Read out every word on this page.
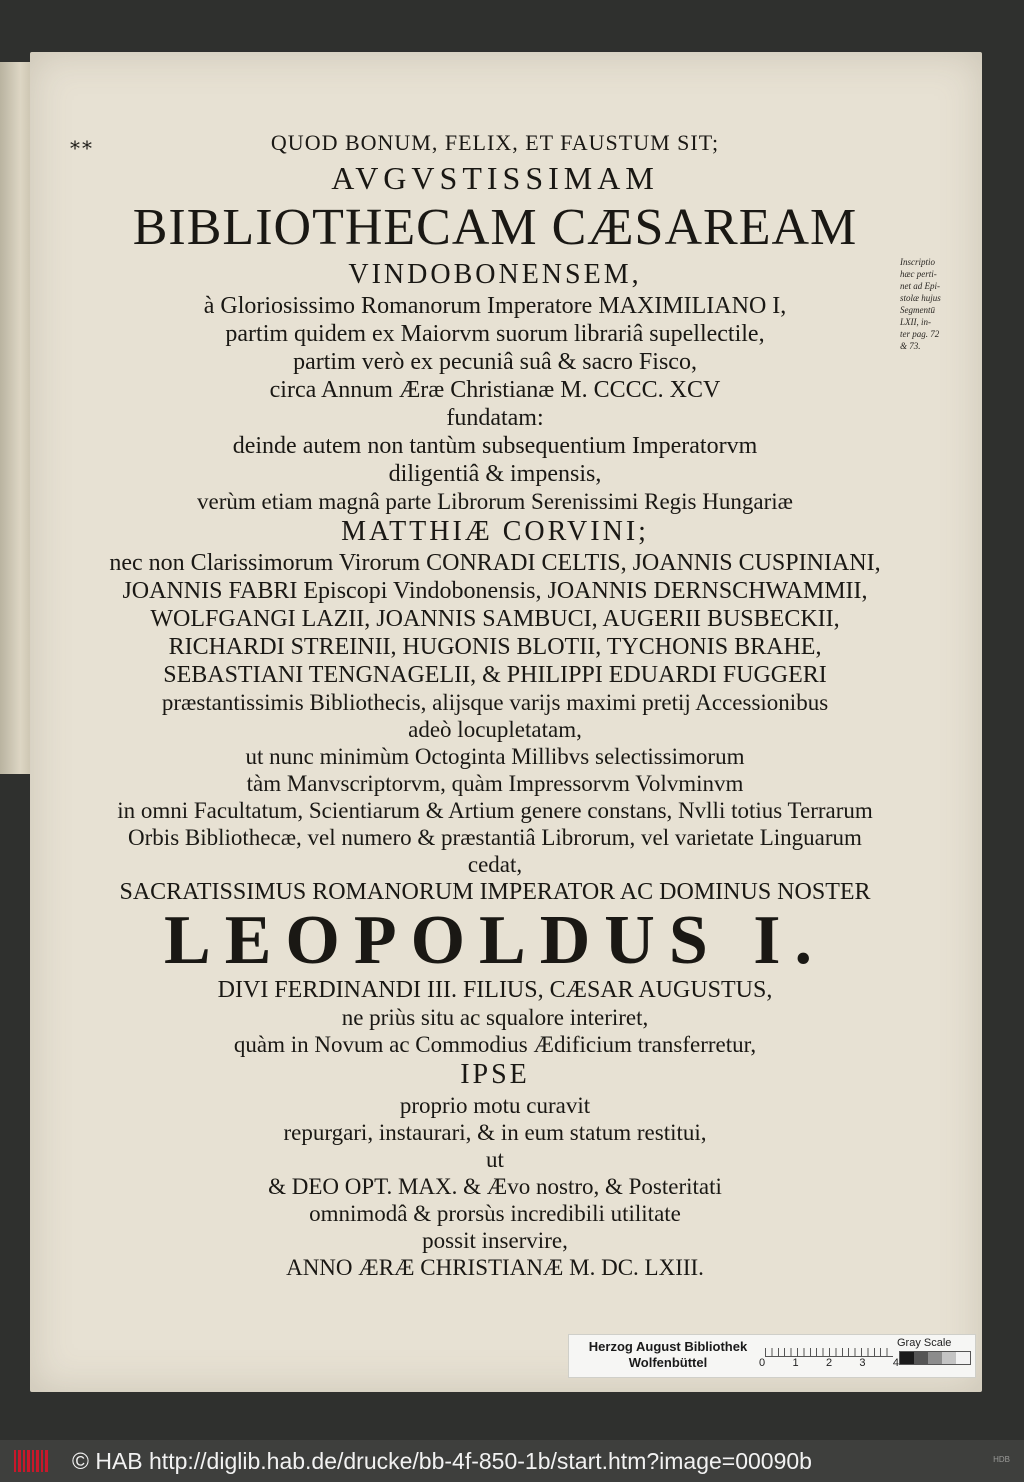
**	QUOD BONUM, FELIX, ET FAUSTUM SIT;
AVGVSTISSIMAM
BIBLIOTHECAM CÆSAREAM
VINDOBONENSEM,
à Gloriosissimo Romanorum Imperatore MAXIMILIANO I,
partim quidem ex Maiorvm suorum librariâ supellectile,
partim verò ex pecuniâ suâ & sacro Fisco,
circa Annum Æræ Christianæ M. CCCC. XCV
fundatam:
deinde autem non tantùm subsequentium Imperatorvm
diligentiâ & impensis,
verùm etiam magnâ parte Librorum Serenissimi Regis Hungariæ
MATTHIÆ CORVINI;
nec non Clarissimorum Virorum CONRADI CELTIS, JOANNIS CUSPINIANI,
JOANNIS FABRI Episcopi Vindobonensis, JOANNIS DERNSCHWAMMII,
WOLFGANGI LAZII, JOANNIS SAMBUCI, AUGERII BUSBECKII,
RICHARDI STREINII, HUGONIS BLOTII, TYCHONIS BRAHE,
SEBASTIANI TENGNAGELII, & PHILIPPI EDUARDI FUGGERI
præstantissimis Bibliothecis, alijsque varijs maximi pretij Accessionibus
adeò locupletatam,
ut nunc minimùm Octoginta Millibvs selectissimorum
tàm Manvscriptorvm, quàm Impressorvm Volvminvm
in omni Facultatum, Scientiarum & Artium genere constans, Nvlli totius Terrarum
Orbis Bibliothecæ, vel numero & præstantiâ Librorum, vel varietate Linguarum
cedat,
SACRATISSIMUS ROMANORUM IMPERATOR AC DOMINUS NOSTER
LEOPOLDUS I.
DIVI FERDINANDI III. FILIUS, CÆSAR AUGUSTUS,
ne priùs situ ac squalore interiret,
quàm in Novum ac Commodius Ædificium transferretur,
IPSE
proprio motu curavit
repurgari, instaurari, & in eum statum restitui,
ut
& DEO OPT. MAX. & Ævo nostro, & Posteritati
omnimodâ & prorsùs incredibili utilitate
possit inservire,
ANNO ÆRÆ CHRISTIANÆ M. DC. LXIII.
Inscriptio
hæc perti-
net ad Epi-
stolæ hujus
Segmentū
LXII, in-
ter pag. 72
& 73.
Herzog August Bibliothek
Wolfenbüttel	0 1 2 3 4
Gray Scale
© HAB http://diglib.hab.de/drucke/bb-4f-850-1b/start.htm?image=00090b	HDB
